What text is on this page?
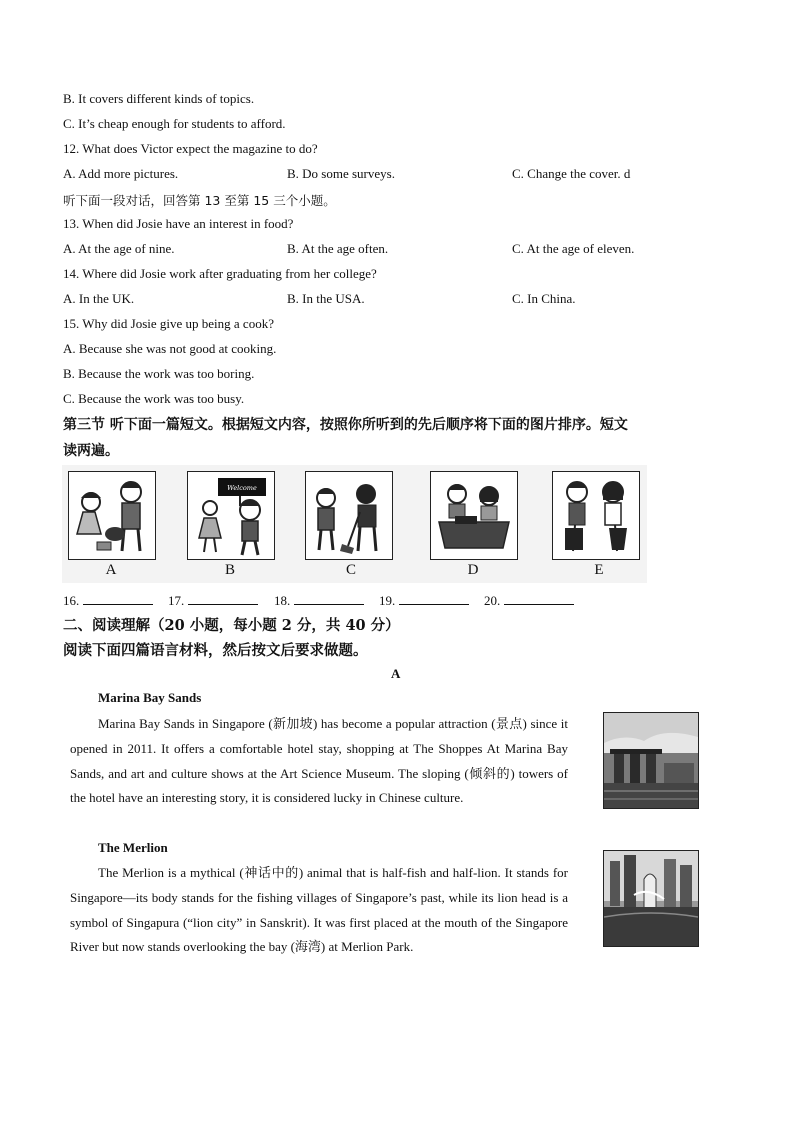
B. It covers different kinds of topics.
C. It’s cheap enough for students to afford.
12. What does Victor expect the magazine to do?
A. Add more pictures.	B. Do some surveys.	C. Change the cover. d
听下面一段对话，回答第 13 至第 15 三个小题。
13. When did Josie have an interest in food?
A. At the age of nine.	B. At the age often.	C. At the age of eleven.
14. Where did Josie work after graduating from her college?
A. In the UK.	B. In the USA.	C. In China.
15. Why did Josie give up being a cook?
A. Because she was not good at cooking.
B. Because the work was too boring.
C. Because the work was too busy.
第三节 听下面一篇短文。根据短文内容，按照你所听到的先后顺序将下面的图片排序。短文
读两遍。
A
Welcome
B	C	D	E
16.	17.	18.	19.	20.
二、阅读理解（20 小题，每小题 2 分，共 40 分）
阅读下面四篇语言材料，然后按文后要求做题。
A
Marina Bay Sands
Marina Bay Sands in Singapore (新加坡) has become a popular attraction (景点) since it opened in 2011. It offers a comfortable hotel stay, shopping at The Shoppes At Marina Bay Sands, and art and culture shows at the Art Science Museum. The sloping (倾斜的) towers of the hotel have an interesting story, it is considered lucky in Chinese culture.
The Merlion
The Merlion is a mythical (神话中的) animal that is half-fish and half-lion. It stands for Singapore—its body stands for the fishing villages of Singapore’s past, while its lion head is a symbol of Singapura (“lion city” in Sanskrit). It was first placed at the mouth of the Singapore River but now stands overlooking the bay (海湾) at Merlion Park.
